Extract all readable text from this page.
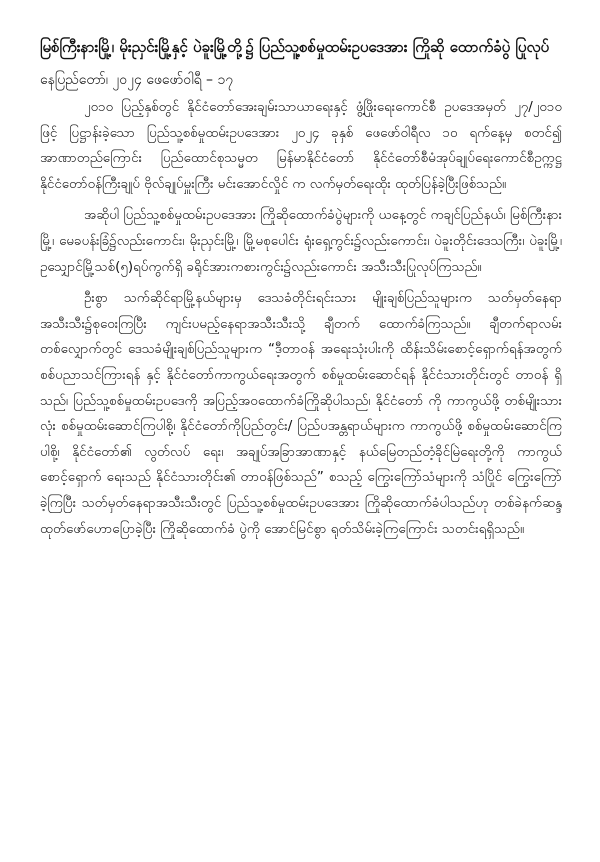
မြစ်ကြီးနားမြို့၊ မိုးညှင်းမြို့နှင့် ပဲခူးမြို့တို့၌ ပြည်သူ့စစ်မှုထမ်းဥပဒေအား ကြိုဆို ထောက်ခံပွဲ ပြုလုပ်

နေပြည်တော်၊ ၂၀၂၄ ဖေဖော်ဝါရီ – ၁၇

၂၀၁၀ ပြည့်နှစ်တွင် နိုင်ငံတော်အေးချမ်းသာယာရေးနှင့် ဖွံ့ဖြိုးရေးကောင်စီ ဥပဒေအမှတ် ၂၇/၂၀၁၀ ဖြင့် ပြဋ္ဌာန်းခဲ့သော ပြည်သူ့စစ်မှုထမ်းဥပဒေအား ၂၀၂၄ ခုနှစ် ဖေဖော်ဝါရီလ ၁၀ ရက်နေ့မှ စတင်၍ အာဏာတည်ကြောင်း ပြည်ထောင်စုသမ္မတ မြန်မာနိုင်ငံတော် နိုင်ငံတော်စီမံအုပ်ချုပ်ရေးကောင်စီဥက္ကဋ္ဌ နိုင်ငံတော်ဝန်ကြီးချုပ် ဗိုလ်ချုပ်မှူးကြီး မင်းအောင်လှိုင် က လက်မှတ်ရေးထိုး ထုတ်ပြန်ခဲ့ပြီးဖြစ်သည်။

အဆိုပါ ပြည်သူ့စစ်မှုထမ်းဥပဒေအား ကြိုဆိုထောက်ခံပွဲများကို ယနေ့တွင် ကချင်ပြည်နယ်၊ မြစ်ကြီးနားမြို့၊ မေခပန်းခြံ၌လည်းကောင်း၊ မိုးညှင်းမြို့၊ မြို့မစုပေါင်း ရုံးရှေ့ကွင်း၌လည်းကောင်း၊ ပဲခူးတိုင်းဒေသကြီး၊ ပဲခူးမြို့၊ ဥသျှောင်မြို့သစ်(၅)ရပ်ကွက်ရှိ ခရိုင်အားကစားကွင်း၌လည်းကောင်း အသီးသီးပြုလုပ်ကြသည်။

ဦးစွာ သက်ဆိုင်ရာမြို့နယ်များမှ ဒေသခံတိုင်းရင်းသား မျိုးချစ်ပြည်သူများက သတ်မှတ်နေရာအသီးသီး၌စုဝေးကြပြီး ကျင်းပမည့်နေရာအသီးသီးသို့ ချီတက် ထောက်ခံကြသည်။ ချီတက်ရာလမ်းတစ်လျှောက်တွင် ဒေသခံမျိုးချစ်ပြည်သူများက “ဒီ့တာဝန် အရေးသုံးပါးကို ထိန်းသိမ်းစောင့်ရှောက်ရန်အတွက် စစ်ပညာသင်ကြားရန် နှင့် နိုင်ငံတော်ကာကွယ်ရေးအတွက် စစ်မှုထမ်းဆောင်ရန် နိုင်ငံသားတိုင်းတွင် တာဝန် ရှိသည်၊ ပြည်သူ့စစ်မှုထမ်းဥပဒေကို အပြည့်အဝထောက်ခံကြိုဆိုပါသည်၊ နိုင်ငံတော် ကို ကာကွယ်ဖို့ တစ်မျိုးသားလုံး စစ်မှုထမ်းဆောင်ကြပါစို့၊ နိုင်ငံတော်ကိုပြည်တွင်း/ ပြည်ပအန္တရာယ်များက ကာကွယ်ဖို့ စစ်မှုထမ်းဆောင်ကြပါစို့၊ နိုင်ငံတော်၏ လွတ်လပ် ရေး၊ အချုပ်အခြာအာဏာနှင့် နယ်မြေတည်တံ့ခိုင်မြဲရေးတို့ကို ကာကွယ်စောင့်ရှောက် ရေးသည် နိုင်ငံသားတိုင်း၏ တာဝန်ဖြစ်သည်” စသည့် ကြွေးကြော်သံများကို သံပြိုင် ကြွေးကြော်ခဲ့ကြပြီး သတ်မှတ်နေရာအသီးသီးတွင် ပြည်သူ့စစ်မှုထမ်းဥပဒေအား ကြိုဆိုထောက်ခံပါသည်ဟု တစ်ခဲနက်ဆန္ဒထုတ်ဖော်ဟောပြောခဲ့ပြီး ကြိုဆိုထောက်ခံ ပွဲကို အောင်မြင်စွာ ရုတ်သိမ်းခဲ့ကြကြောင်း သတင်းရရှိသည်။
